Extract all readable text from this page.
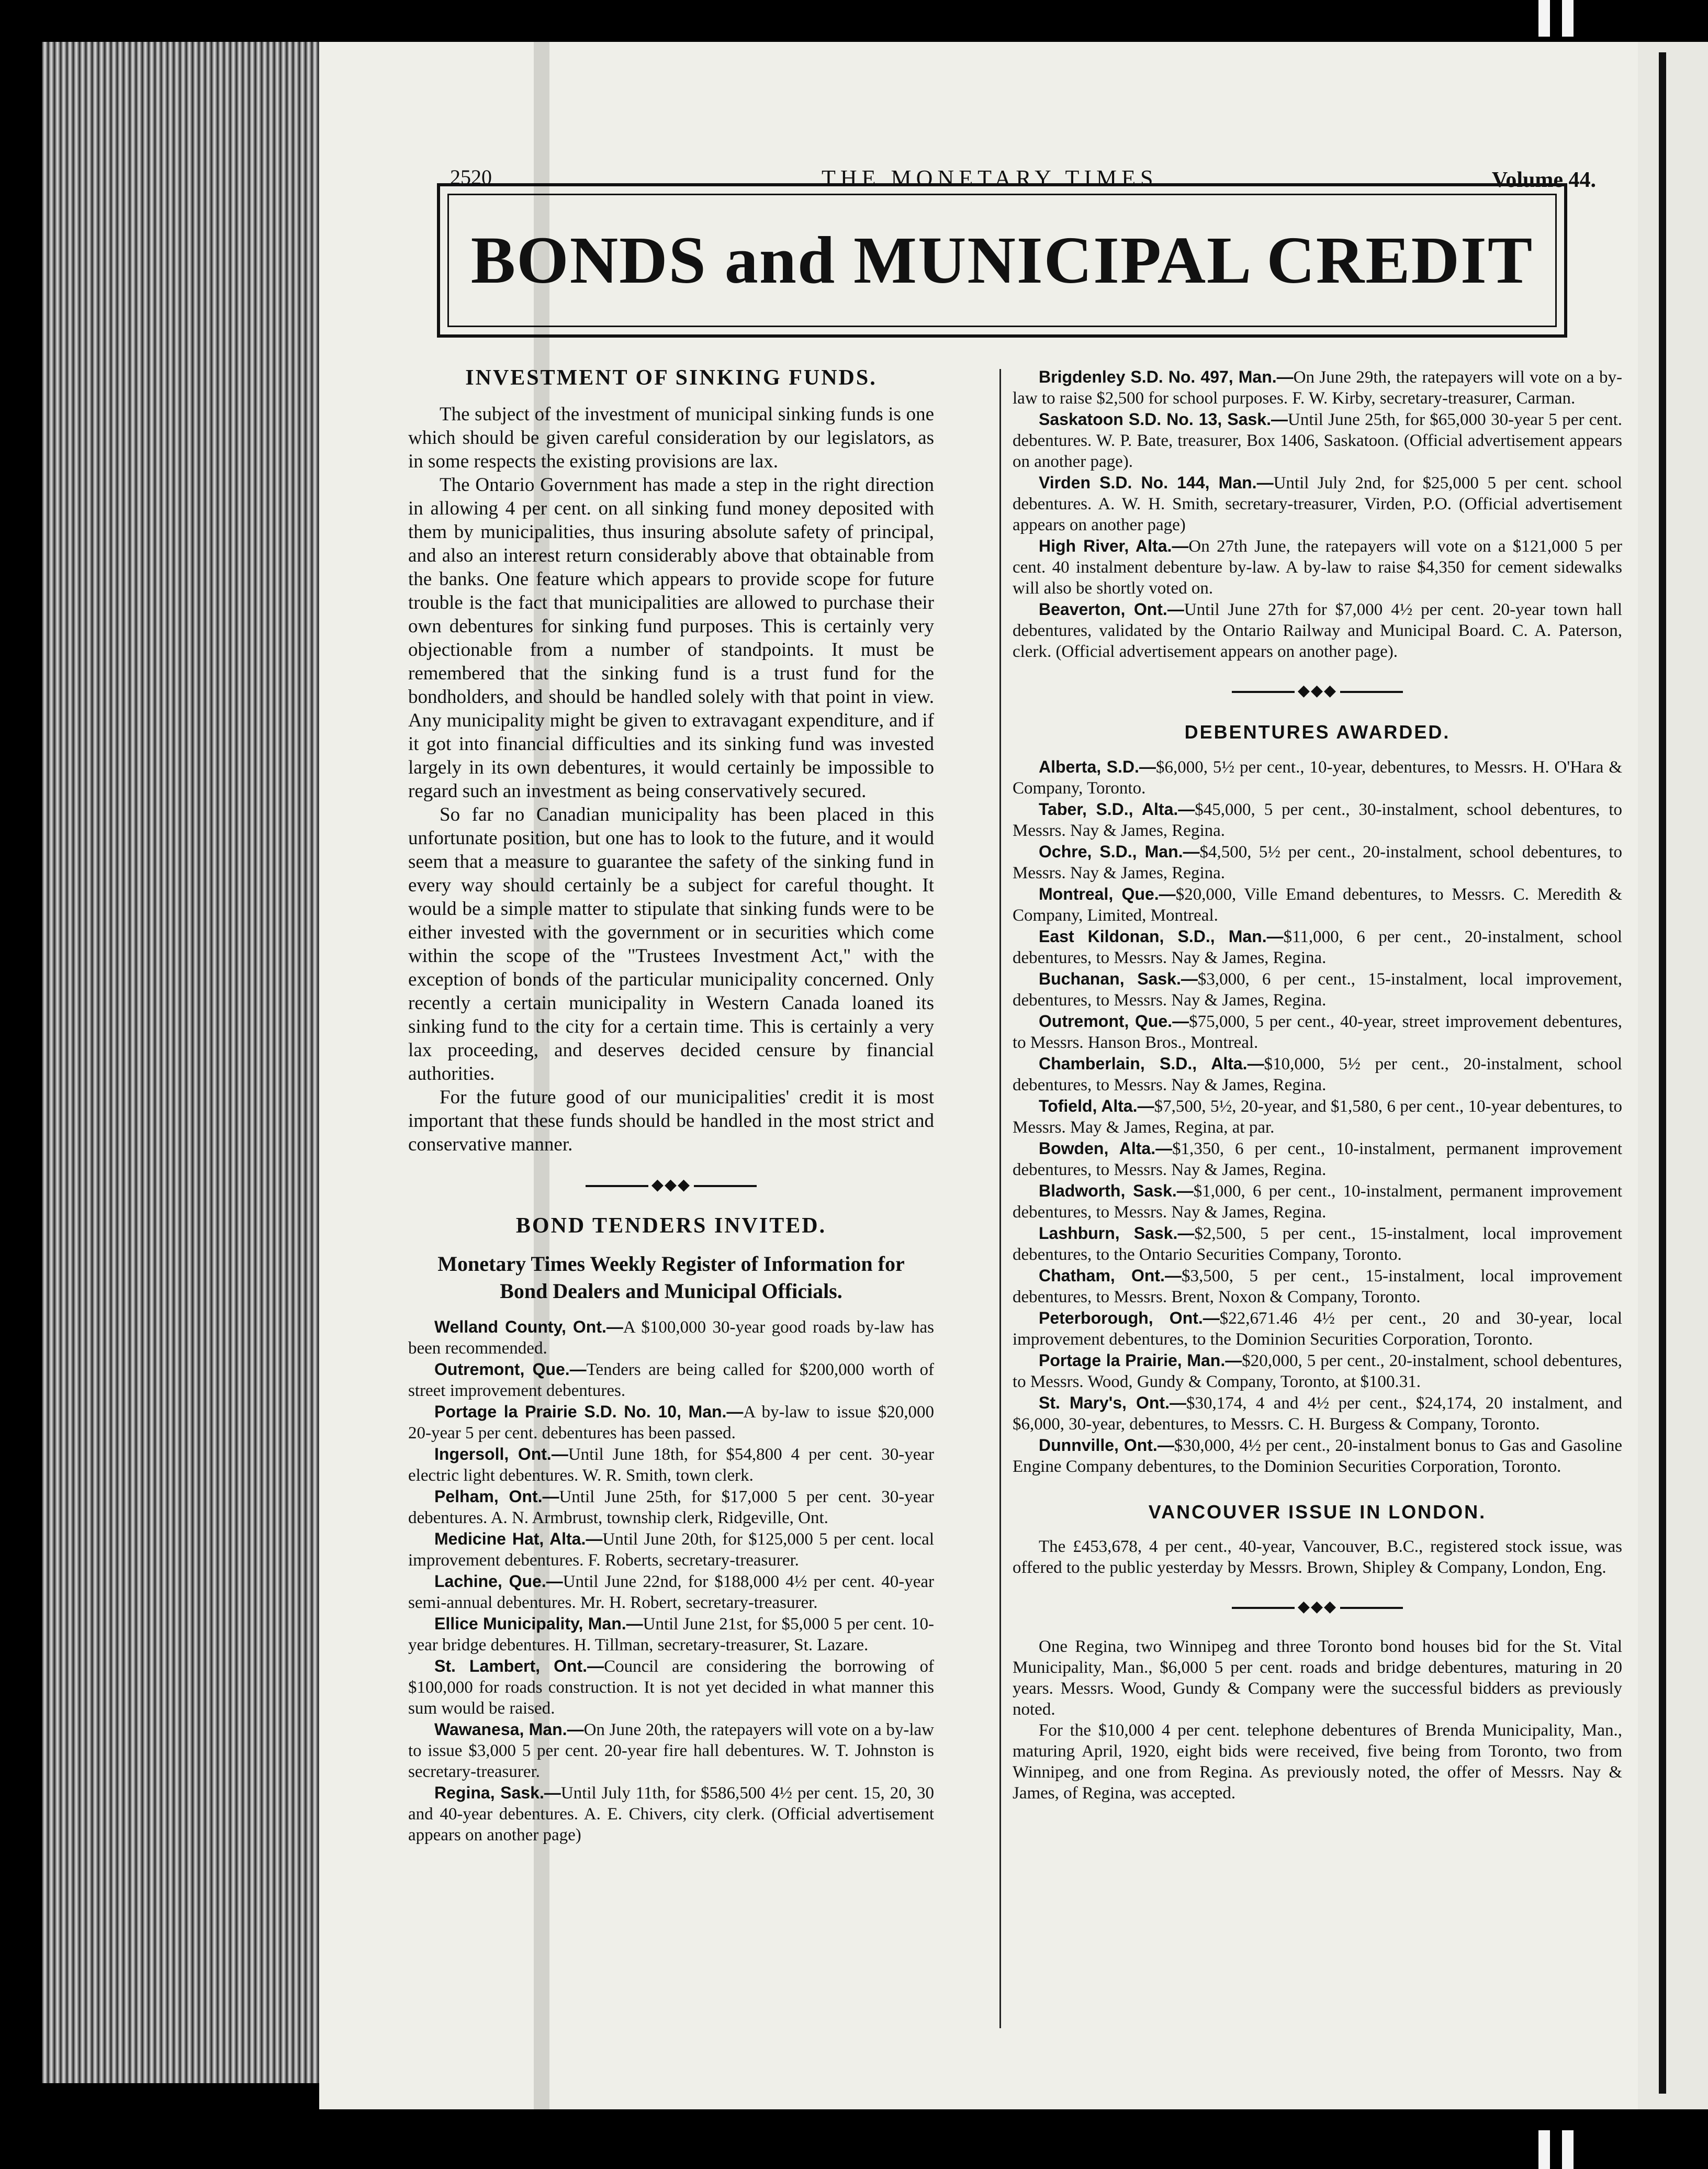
2520	THE MONETARY TIMES	Volume 44.
BONDS and MUNICIPAL CREDIT
INVESTMENT OF SINKING FUNDS.

The subject of the investment of municipal sinking funds is one which should be given careful consideration by our legislators, as in some respects the existing provisions are lax.

The Ontario Government has made a step in the right direction in allowing 4 per cent. on all sinking fund money deposited with them by municipalities, thus insuring absolute safety of principal, and also an interest return considerably above that obtainable from the banks. One feature which appears to provide scope for future trouble is the fact that municipalities are allowed to purchase their own debentures for sinking fund purposes. This is certainly very objectionable from a number of standpoints. It must be remembered that the sinking fund is a trust fund for the bondholders, and should be handled solely with that point in view. Any municipality might be given to extravagant expenditure, and if it got into financial difficulties and its sinking fund was invested largely in its own debentures, it would certainly be impossible to regard such an investment as being conservatively secured.

So far no Canadian municipality has been placed in this unfortunate position, but one has to look to the future, and it would seem that a measure to guarantee the safety of the sinking fund in every way should certainly be a subject for careful thought. It would be a simple matter to stipulate that sinking funds were to be either invested with the government or in securities which come within the scope of the "Trustees Investment Act," with the exception of bonds of the particular municipality concerned. Only recently a certain municipality in Western Canada loaned its sinking fund to the city for a certain time. This is certainly a very lax proceeding, and deserves decided censure by financial authorities.

For the future good of our municipalities' credit it is most important that these funds should be handled in the most strict and conservative manner.

◆◆◆
BOND TENDERS INVITED.
Monetary Times Weekly Register of Information for
Bond Dealers and Municipal Officials.

Welland County, Ont.—A $100,000 30-year good roads by-law has been recommended.

Outremont, Que.—Tenders are being called for $200,000 worth of street improvement debentures.

Portage la Prairie S.D. No. 10, Man.—A by-law to issue $20,000 20-year 5 per cent. debentures has been passed.

Ingersoll, Ont.—Until June 18th, for $54,800 4 per cent. 30-year electric light debentures. W. R. Smith, town clerk.

Pelham, Ont.—Until June 25th, for $17,000 5 per cent. 30-year debentures. A. N. Armbrust, township clerk, Ridgeville, Ont.

Medicine Hat, Alta.—Until June 20th, for $125,000 5 per cent. local improvement debentures. F. Roberts, secretary-treasurer.

Lachine, Que.—Until June 22nd, for $188,000 4½ per cent. 40-year semi-annual debentures. Mr. H. Robert, secretary-treasurer.

Ellice Municipality, Man.—Until June 21st, for $5,000 5 per cent. 10-year bridge debentures. H. Tillman, secretary-treasurer, St. Lazare.

St. Lambert, Ont.—Council are considering the borrowing of $100,000 for roads construction. It is not yet decided in what manner this sum would be raised.

Wawanesa, Man.—On June 20th, the ratepayers will vote on a by-law to issue $3,000 5 per cent. 20-year fire hall debentures. W. T. Johnston is secretary-treasurer.

Regina, Sask.—Until July 11th, for $586,500 4½ per cent. 15, 20, 30 and 40-year debentures. A. E. Chivers, city clerk. (Official advertisement appears on another page)

Brigdenley S.D. No. 497, Man.—On June 29th, the ratepayers will vote on a by-law to raise $2,500 for school purposes. F. W. Kirby, secretary-treasurer, Carman.

Saskatoon S.D. No. 13, Sask.—Until June 25th, for $65,000 30-year 5 per cent. debentures. W. P. Bate, treasurer, Box 1406, Saskatoon. (Official advertisement appears on another page).

Virden S.D. No. 144, Man.—Until July 2nd, for $25,000 5 per cent. school debentures. A. W. H. Smith, secretary-treasurer, Virden, P.O. (Official advertisement appears on another page)

High River, Alta.—On 27th June, the ratepayers will vote on a $121,000 5 per cent. 40 instalment debenture by-law. A by-law to raise $4,350 for cement sidewalks will also be shortly voted on.

Beaverton, Ont.—Until June 27th for $7,000 4½ per cent. 20-year town hall debentures, validated by the Ontario Railway and Municipal Board. C. A. Paterson, clerk. (Official advertisement appears on another page).

◆◆◆
DEBENTURES AWARDED.

Alberta, S.D.—$6,000, 5½ per cent., 10-year, debentures, to Messrs. H. O'Hara & Company, Toronto.

Taber, S.D., Alta.—$45,000, 5 per cent., 30-instalment, school debentures, to Messrs. Nay & James, Regina.

Ochre, S.D., Man.—$4,500, 5½ per cent., 20-instalment, school debentures, to Messrs. Nay & James, Regina.

Montreal, Que.—$20,000, Ville Emand debentures, to Messrs. C. Meredith & Company, Limited, Montreal.

East Kildonan, S.D., Man.—$11,000, 6 per cent., 20-instalment, school debentures, to Messrs. Nay & James, Regina.

Buchanan, Sask.—$3,000, 6 per cent., 15-instalment, local improvement, debentures, to Messrs. Nay & James, Regina.

Outremont, Que.—$75,000, 5 per cent., 40-year, street improvement debentures, to Messrs. Hanson Bros., Montreal.

Chamberlain, S.D., Alta.—$10,000, 5½ per cent., 20-instalment, school debentures, to Messrs. Nay & James, Regina.

Tofield, Alta.—$7,500, 5½, 20-year, and $1,580, 6 per cent., 10-year debentures, to Messrs. May & James, Regina, at par.

Bowden, Alta.—$1,350, 6 per cent., 10-instalment, permanent improvement debentures, to Messrs. Nay & James, Regina.

Bladworth, Sask.—$1,000, 6 per cent., 10-instalment, permanent improvement debentures, to Messrs. Nay & James, Regina.

Lashburn, Sask.—$2,500, 5 per cent., 15-instalment, local improvement debentures, to the Ontario Securities Company, Toronto.

Chatham, Ont.—$3,500, 5 per cent., 15-instalment, local improvement debentures, to Messrs. Brent, Noxon & Company, Toronto.

Peterborough, Ont.—$22,671.46 4½ per cent., 20 and 30-year, local improvement debentures, to the Dominion Securities Corporation, Toronto.

Portage la Prairie, Man.—$20,000, 5 per cent., 20-instalment, school debentures, to Messrs. Wood, Gundy & Company, Toronto, at $100.31.

St. Mary's, Ont.—$30,174, 4 and 4½ per cent., $24,174, 20 instalment, and $6,000, 30-year, debentures, to Messrs. C. H. Burgess & Company, Toronto.

Dunnville, Ont.—$30,000, 4½ per cent., 20-instalment bonus to Gas and Gasoline Engine Company debentures, to the Dominion Securities Corporation, Toronto.

VANCOUVER ISSUE IN LONDON.

The £453,678, 4 per cent., 40-year, Vancouver, B.C., registered stock issue, was offered to the public yesterday by Messrs. Brown, Shipley & Company, London, Eng.

◆◆◆

One Regina, two Winnipeg and three Toronto bond houses bid for the St. Vital Municipality, Man., $6,000 5 per cent. roads and bridge debentures, maturing in 20 years. Messrs. Wood, Gundy & Company were the successful bidders as previously noted.

For the $10,000 4 per cent. telephone debentures of Brenda Municipality, Man., maturing April, 1920, eight bids were received, five being from Toronto, two from Winnipeg, and one from Regina. As previously noted, the offer of Messrs. Nay & James, of Regina, was accepted.
